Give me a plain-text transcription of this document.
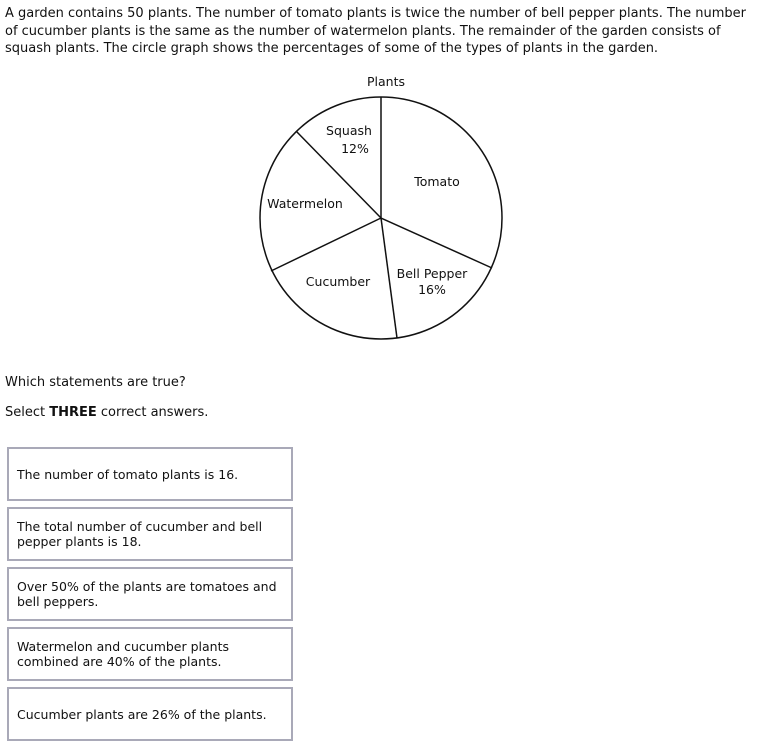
A garden contains 50 plants. The number of tomato plants is twice the number of bell pepper plants. The number of cucumber plants is the same as the number of watermelon plants. The remainder of the garden consists of squash plants. The circle graph shows the percentages of some of the types of plants in the garden.
Plants
Squash
12%
Tomato
Watermelon
Bell Pepper
16%
Cucumber
Which statements are true?
Select THREE correct answers.
The number of tomato plants is 16.
The total number of cucumber and bell pepper plants is 18.
Over 50% of the plants are tomatoes and bell peppers.
Watermelon and cucumber plants combined are 40% of the plants.
Cucumber plants are 26% of the plants.
